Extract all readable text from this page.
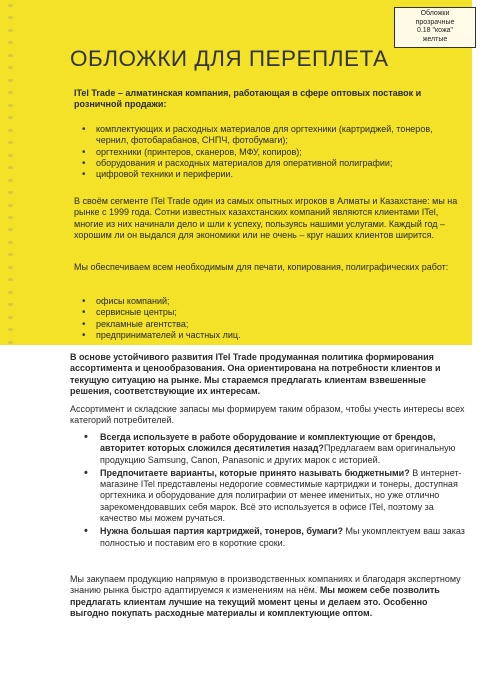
Обложки
прозрачные
0.18 "кожа"
желтые
ОБЛОЖКИ ДЛЯ ПЕРЕПЛЕТА

ITel Trade – алматинская компания, работающая в сфере оптовых поставок и розничной продажи:

• комплектующих и расходных материалов для оргтехники (картриджей, тонеров, чернил, фотобарабанов, СНПЧ, фотобумаги);
• оргтехники (принтеров, сканеров, МФУ, копиров);
• оборудования и расходных материалов для оперативной полиграфии;
• цифровой техники и периферии.

В своём сегменте ITel Trade один из самых опытных игроков в Алматы и Казахстане: мы на рынке с 1999 года. Сотни известных казахстанских компаний являются клиентами ITel, многие из них начинали дело и шли к успеху, пользуясь нашими услугами. Каждый год – хорошим ли он выдался для экономики или не очень – круг наших клиентов ширится.

Мы обеспечиваем всем необходимым для печати, копирования, полиграфических работ:

• офисы компаний;
• сервисные центры;
• рекламные агентства;
• предпринимателей и частных лиц.

В основе устойчивого развития ITel Trade продуманная политика формирования ассортимента и ценообразования. Она ориентирована на потребности клиентов и текущую ситуацию на рынке. Мы стараемся предлагать клиентам взвешенные решения, соответствующие их интересам.

Ассортимент и складские запасы мы формируем таким образом, чтобы учесть интересы всех категорий потребителей.

• Всегда используете в работе оборудование и комплектующие от брендов, авторитет которых сложился десятилетия назад?Предлагаем вам оригинальную продукцию Samsung, Canon, Panasonic и других марок с историей.
• Предпочитаете варианты, которые принято называть бюджетными? В интернет-магазине ITel представлены недорогие совместимые картриджи и тонеры, доступная оргтехника и оборудование для полиграфии от менее именитых, но уже отлично зарекомендовавших себя марок. Всё это используется в офисе ITel, поэтому за качество мы можем ручаться.
• Нужна большая партия картриджей, тонеров, бумаги? Мы укомплектуем ваш заказ полностью и поставим его в короткие сроки.

Мы закупаем продукцию напрямую в производственных компаниях и благодаря экспертному знанию рынка быстро адаптируемся к изменениям на нём. Мы можем себе позволить предлагать клиентам лучшие на текущий момент цены и делаем это. Особенно выгодно покупать расходные материалы и комплектующие оптом.
